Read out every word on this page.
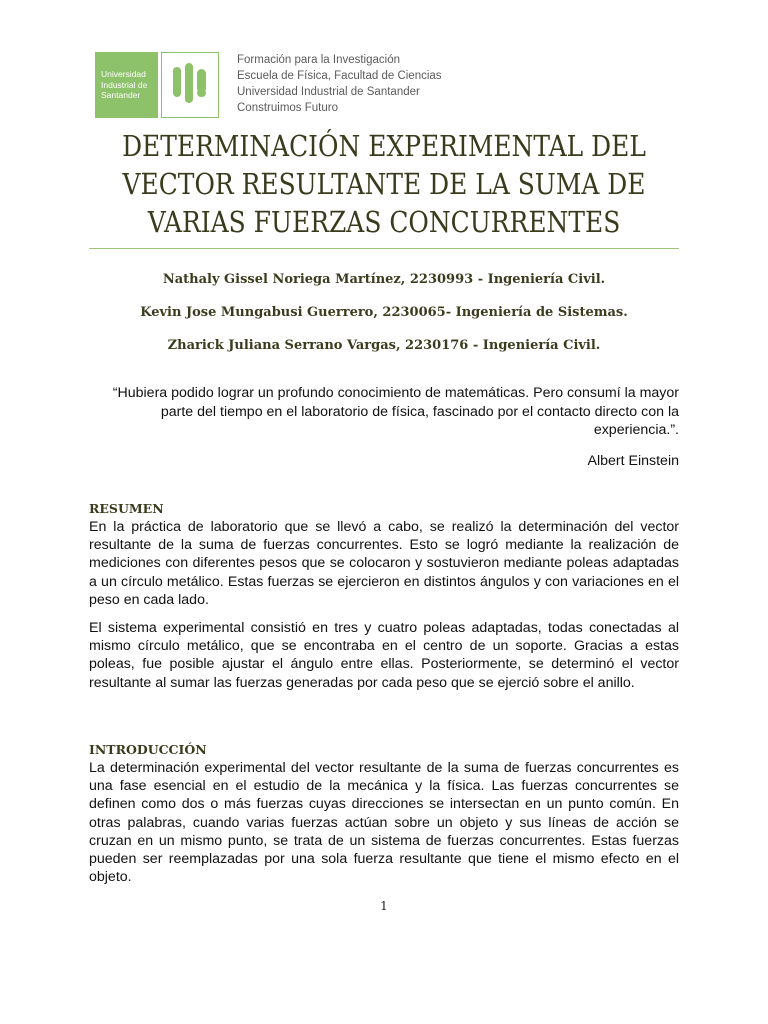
Universidad Industrial de Santander
Formación para la Investigación
Escuela de Física, Facultad de Ciencias
Universidad Industrial de Santander
Construimos Futuro
DETERMINACIÓN EXPERIMENTAL DEL
VECTOR RESULTANTE DE LA SUMA DE
VARIAS FUERZAS CONCURRENTES
Nathaly Gissel Noriega Martínez, 2230993 - Ingeniería Civil.
Kevin Jose Mungabusi Guerrero, 2230065- Ingeniería de Sistemas.
Zharick Juliana Serrano Vargas, 2230176 - Ingeniería Civil.
“Hubiera podido lograr un profundo conocimiento de matemáticas. Pero consumí la mayor parte del tiempo en el laboratorio de física, fascinado por el contacto directo con la experiencia.”.
Albert Einstein
RESUMEN

En la práctica de laboratorio que se llevó a cabo, se realizó la determinación del vector resultante de la suma de fuerzas concurrentes. Esto se logró mediante la realización de mediciones con diferentes pesos que se colocaron y sostuvieron mediante poleas adaptadas a un círculo metálico. Estas fuerzas se ejercieron en distintos ángulos y con variaciones en el peso en cada lado.

El sistema experimental consistió en tres y cuatro poleas adaptadas, todas conectadas al mismo círculo metálico, que se encontraba en el centro de un soporte. Gracias a estas poleas, fue posible ajustar el ángulo entre ellas. Posteriormente, se determinó el vector resultante al sumar las fuerzas generadas por cada peso que se ejerció sobre el anillo.

INTRODUCCIÓN

La determinación experimental del vector resultante de la suma de fuerzas concurrentes es una fase esencial en el estudio de la mecánica y la física. Las fuerzas concurrentes se definen como dos o más fuerzas cuyas direcciones se intersectan en un punto común. En otras palabras, cuando varias fuerzas actúan sobre un objeto y sus líneas de acción se cruzan en un mismo punto, se trata de un sistema de fuerzas concurrentes. Estas fuerzas pueden ser reemplazadas por una sola fuerza resultante que tiene el mismo efecto en el objeto.

1
